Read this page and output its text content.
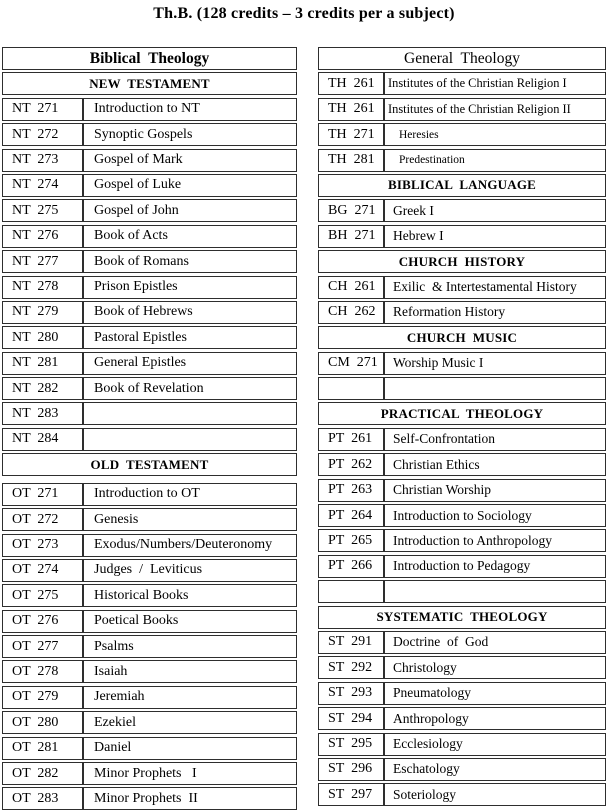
Th.B. (128 credits – 3 credits per a subject)
Biblical  Theology
NEW  TESTAMENT
NT  271	Introduction to NT
NT  272	Synoptic Gospels
NT  273	Gospel of Mark
NT  274	Gospel of Luke
NT  275	Gospel of John
NT  276	Book of Acts
NT  277	Book of Romans
NT  278	Prison Epistles
NT  279	Book of Hebrews
NT  280	Pastoral Epistles
NT  281	General Epistles
NT  282	Book of Revelation
NT  283
NT  284
OLD  TESTAMENT
OT  271	Introduction to OT
OT  272	Genesis
OT  273	Exodus/Numbers/Deuteronomy
OT  274	Judges  /  Leviticus
OT  275	Historical Books
OT  276	Poetical Books
OT  277	Psalms
OT  278	Isaiah
OT  279	Jeremiah
OT  280	Ezekiel
OT  281	Daniel
OT  282	Minor Prophets   I
OT  283	Minor Prophets  II
General  Theology
TH  261	Institutes of the Christian Religion I
TH  261	Institutes of the Christian Religion II
TH  271	Heresies
TH  281	Predestination
BIBLICAL  LANGUAGE
BG  271	Greek I
BH  271	Hebrew I
CHURCH  HISTORY
CH  261	Exilic  & Intertestamental History
CH  262	Reformation History
CHURCH  MUSIC
CM  271	Worship Music I
PRACTICAL  THEOLOGY
PT  261	Self-Confrontation
PT  262	Christian Ethics
PT  263	Christian Worship
PT  264	Introduction to Sociology
PT  265	Introduction to Anthropology
PT  266	Introduction to Pedagogy
SYSTEMATIC  THEOLOGY
ST  291	Doctrine  of  God
ST  292	Christology
ST  293	Pneumatology
ST  294	Anthropology
ST  295	Ecclesiology
ST  296	Eschatology
ST  297	Soteriology
